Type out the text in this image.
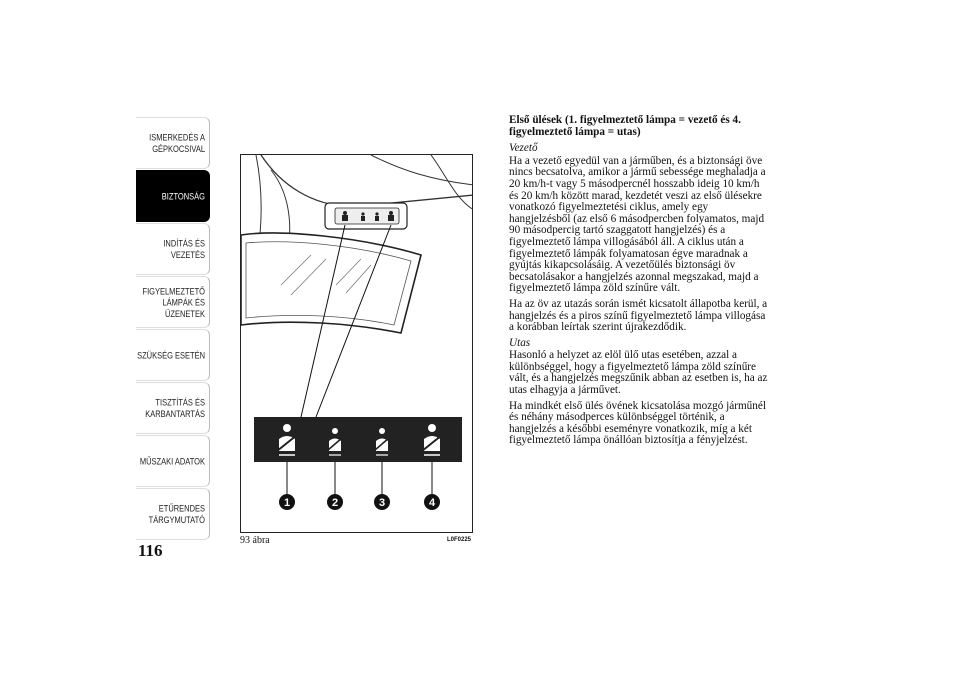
ISMERKEDÉS A
GÉPKOCSIVAL
BIZTONSÁG
INDÍTÁS ÉS
VEZETÉS
FIGYELMEZTETŐ
LÁMPÁK ÉS
ÜZENETEK
SZÜKSÉG ESETÉN
TISZTÍTÁS ÉS
KARBANTARTÁS
MŰSZAKI ADATOK
ETŰRENDES
TÁRGYMUTATÓ
116
1	2	3	4
93 ábra	L0F0225
Első ülések (1. figyelmeztető lámpa = vezető és 4. figyelmeztető lámpa = utas)
Vezető

Ha a vezető egyedül van a járműben, és a biztonsági öve nincs becsatolva, amikor a jármű sebessége meghaladja a 20 km/h-t vagy 5 másodpercnél hosszabb ideig 10 km/h és 20 km/h között marad, kezdetét veszi az első ülésekre vonatkozó figyelmeztetési ciklus, amely egy hangjelzésből (az első 6 másodpercben folyamatos, majd 90 másodpercig tartó szaggatott hangjelzés) és a figyelmeztető lámpa villogásából áll. A ciklus után a figyelmeztető lámpák folyamatosan égve maradnak a gyújtás kikapcsolásáig. A vezetőülés biztonsági öv becsatolásakor a hangjelzés azonnal megszakad, majd a figyelmeztető lámpa zöld színűre vált.

Ha az öv az utazás során ismét kicsatolt állapotba kerül, a hangjelzés és a piros színű figyelmeztető lámpa villogása a korábban leírtak szerint újrakezdődik.

Utas

Hasonló a helyzet az elöl ülő utas esetében, azzal a különbséggel, hogy a figyelmeztető lámpa zöld színűre vált, és a hangjelzés megszűnik abban az esetben is, ha az utas elhagyja a járművet.

Ha mindkét első ülés övének kicsatolása mozgó járműnél és néhány másodperces különbséggel történik, a hangjelzés a későbbi eseményre vonatkozik, míg a két figyelmeztető lámpa önállóan biztosítja a fényjelzést.
